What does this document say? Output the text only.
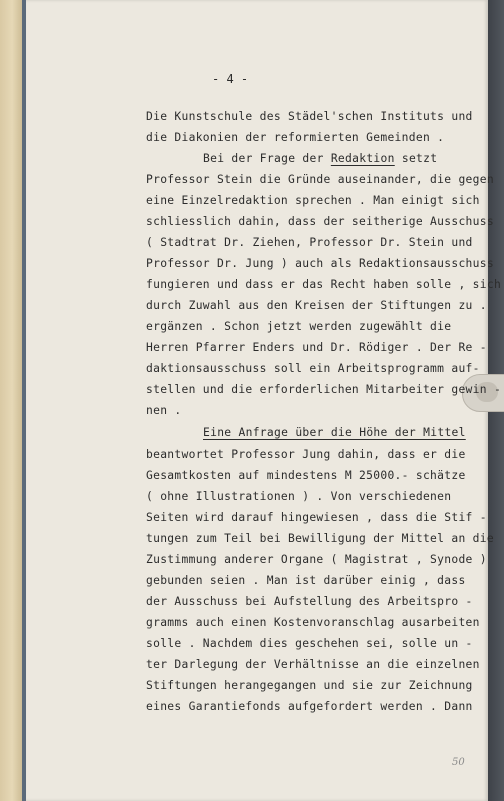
- 4 -
Die Kunstschule des Städel'schen Instituts und
die Diakonien der reformierten Gemeinden .
Bei der Frage der Redaktion setzt
Professor Stein die Gründe auseinander, die gegen
eine Einzelredaktion sprechen . Man einigt sich
schliesslich dahin, dass der seitherige Ausschuss
( Stadtrat Dr. Ziehen, Professor Dr. Stein und
Professor Dr. Jung ) auch als Redaktionsausschuss
fungieren und dass er das Recht haben solle , sich
durch Zuwahl aus den Kreisen der Stiftungen zu .
ergänzen . Schon jetzt werden zugewählt die
Herren Pfarrer Enders und Dr. Rödiger . Der Re -
daktionsausschuss soll ein Arbeitsprogramm auf-
stellen und die erforderlichen Mitarbeiter gewin -
nen .
Eine Anfrage über die Höhe der Mittel
beantwortet Professor Jung dahin, dass er die
Gesamtkosten auf mindestens M 25000.- schätze
( ohne Illustrationen ) . Von verschiedenen
Seiten wird darauf hingewiesen , dass die Stif -
tungen zum Teil bei Bewilligung der Mittel an die
Zustimmung anderer Organe ( Magistrat , Synode )
gebunden seien . Man ist darüber einig , dass
der Ausschuss bei Aufstellung des Arbeitspro -
gramms auch einen Kostenvoranschlag ausarbeiten
solle . Nachdem dies geschehen sei, solle un -
ter Darlegung der Verhältnisse an die einzelnen
Stiftungen herangegangen und sie zur Zeichnung
eines Garantiefonds aufgefordert werden . Dann
50
